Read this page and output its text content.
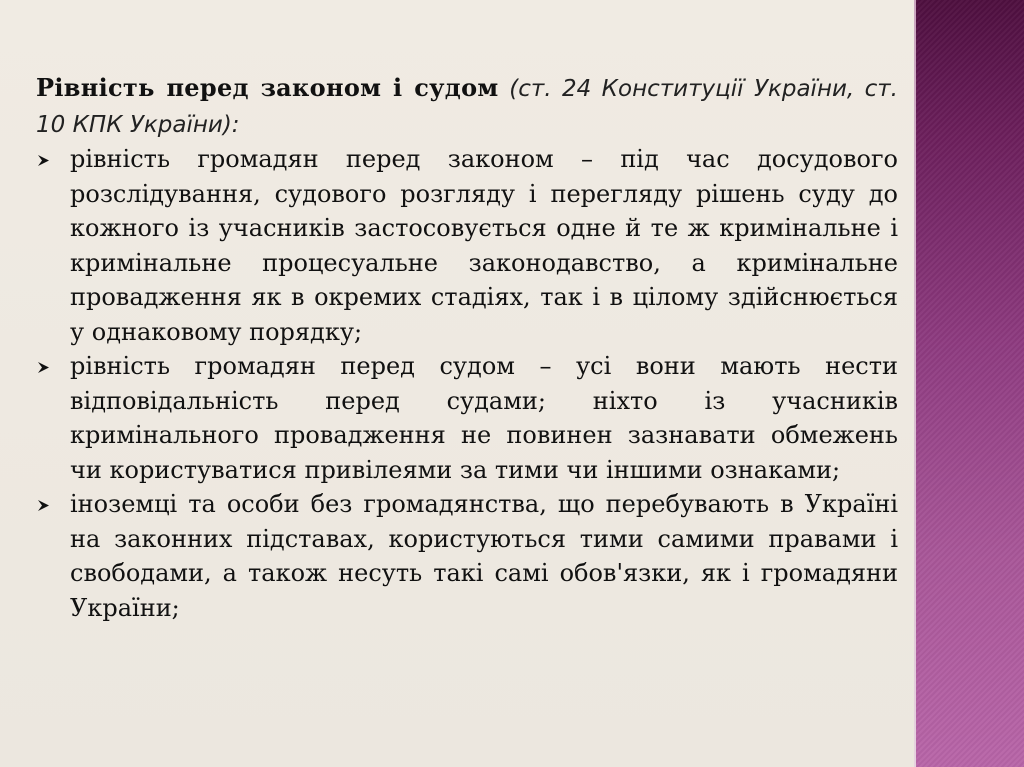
Рівність перед законом і судом (ст. 24 Конституції України, ст. 10 КПК України):

рівність громадян перед законом – під час досудового розслідування, судового розгляду і перегляду рішень суду до кожного із учасників застосовується одне й те ж кримінальне і кримінальне процесуальне законодавство, а кримінальне провадження як в окремих стадіях, так і в цілому здійснюється у однаковому порядку;
рівність громадян перед судом – усі вони мають нести відповідальність перед судами; ніхто із учасників кримінального провадження не повинен зазнавати обмежень чи користуватися привілеями за тими чи іншими ознаками;
іноземці та особи без громадянства, що перебувають в Україні на законних підставах, користуються тими самими правами і свободами, а також несуть такі самі обов'язки, як і громадяни України;
